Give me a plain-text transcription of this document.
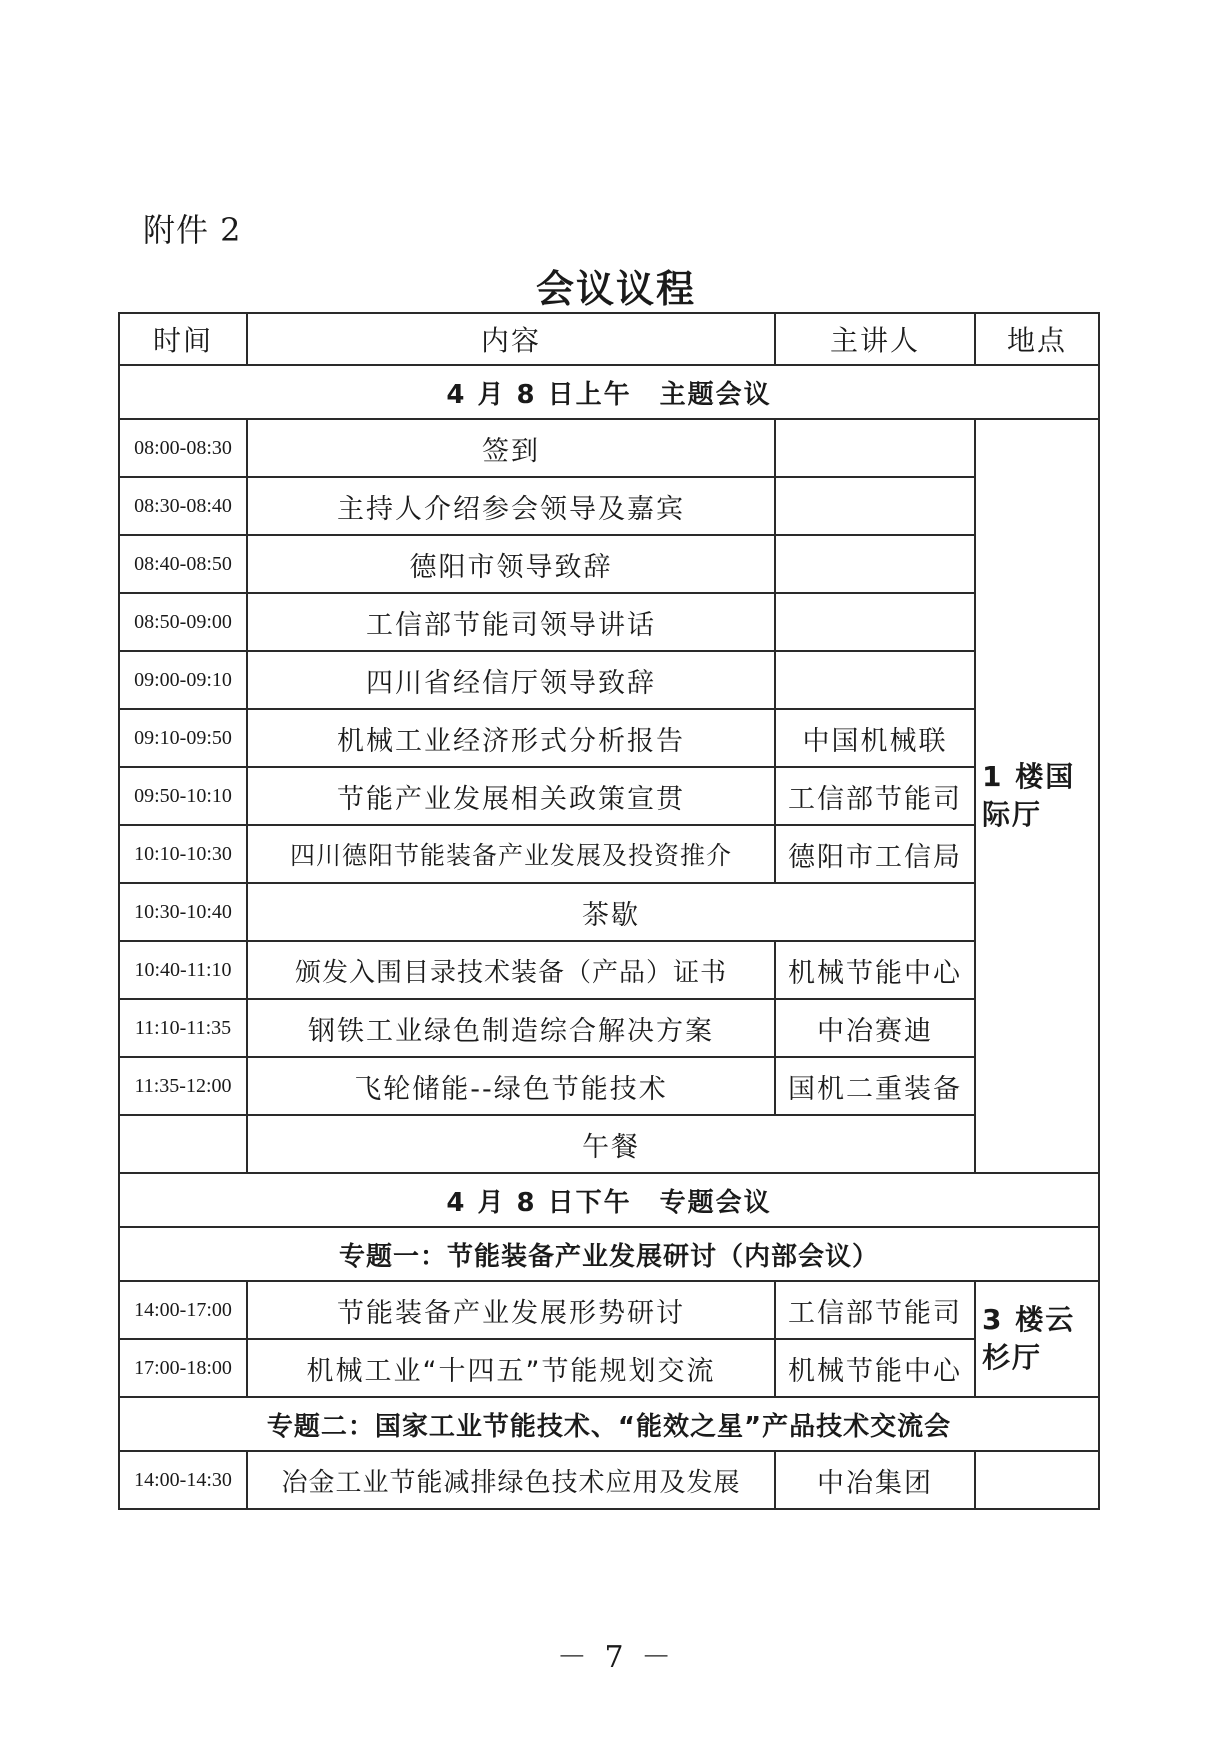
附件 2
会议议程
时间	内容	主讲人	地点
4 月 8 日上午　主题会议			
08:00-08:30	签到		1 楼国际厅
08:30-08:40	主持人介绍参会领导及嘉宾		
08:40-08:50	德阳市领导致辞		
08:50-09:00	工信部节能司领导讲话		
09:00-09:10	四川省经信厅领导致辞		
09:10-09:50	机械工业经济形式分析报告	中国机械联	
09:50-10:10	节能产业发展相关政策宣贯	工信部节能司	
10:10-10:30	四川德阳节能装备产业发展及投资推介	德阳市工信局	
10:30-10:40	茶歇		
10:40-11:10	颁发入围目录技术装备（产品）证书	机械节能中心	
11:10-11:35	钢铁工业绿色制造综合解决方案	中冶赛迪	
11:35-12:00	飞轮储能--绿色节能技术	国机二重装备	
	午餐		
4 月 8 日下午　专题会议			
专题一：节能装备产业发展研讨（内部会议）			
14:00-17:00	节能装备产业发展形势研讨	工信部节能司	3 楼云杉厅
17:00-18:00	机械工业“十四五”节能规划交流	机械节能中心	
专题二：国家工业节能技术、“能效之星”产品技术交流会			
14:00-14:30	冶金工业节能减排绿色技术应用及发展	中冶集团	
－ 7 －
